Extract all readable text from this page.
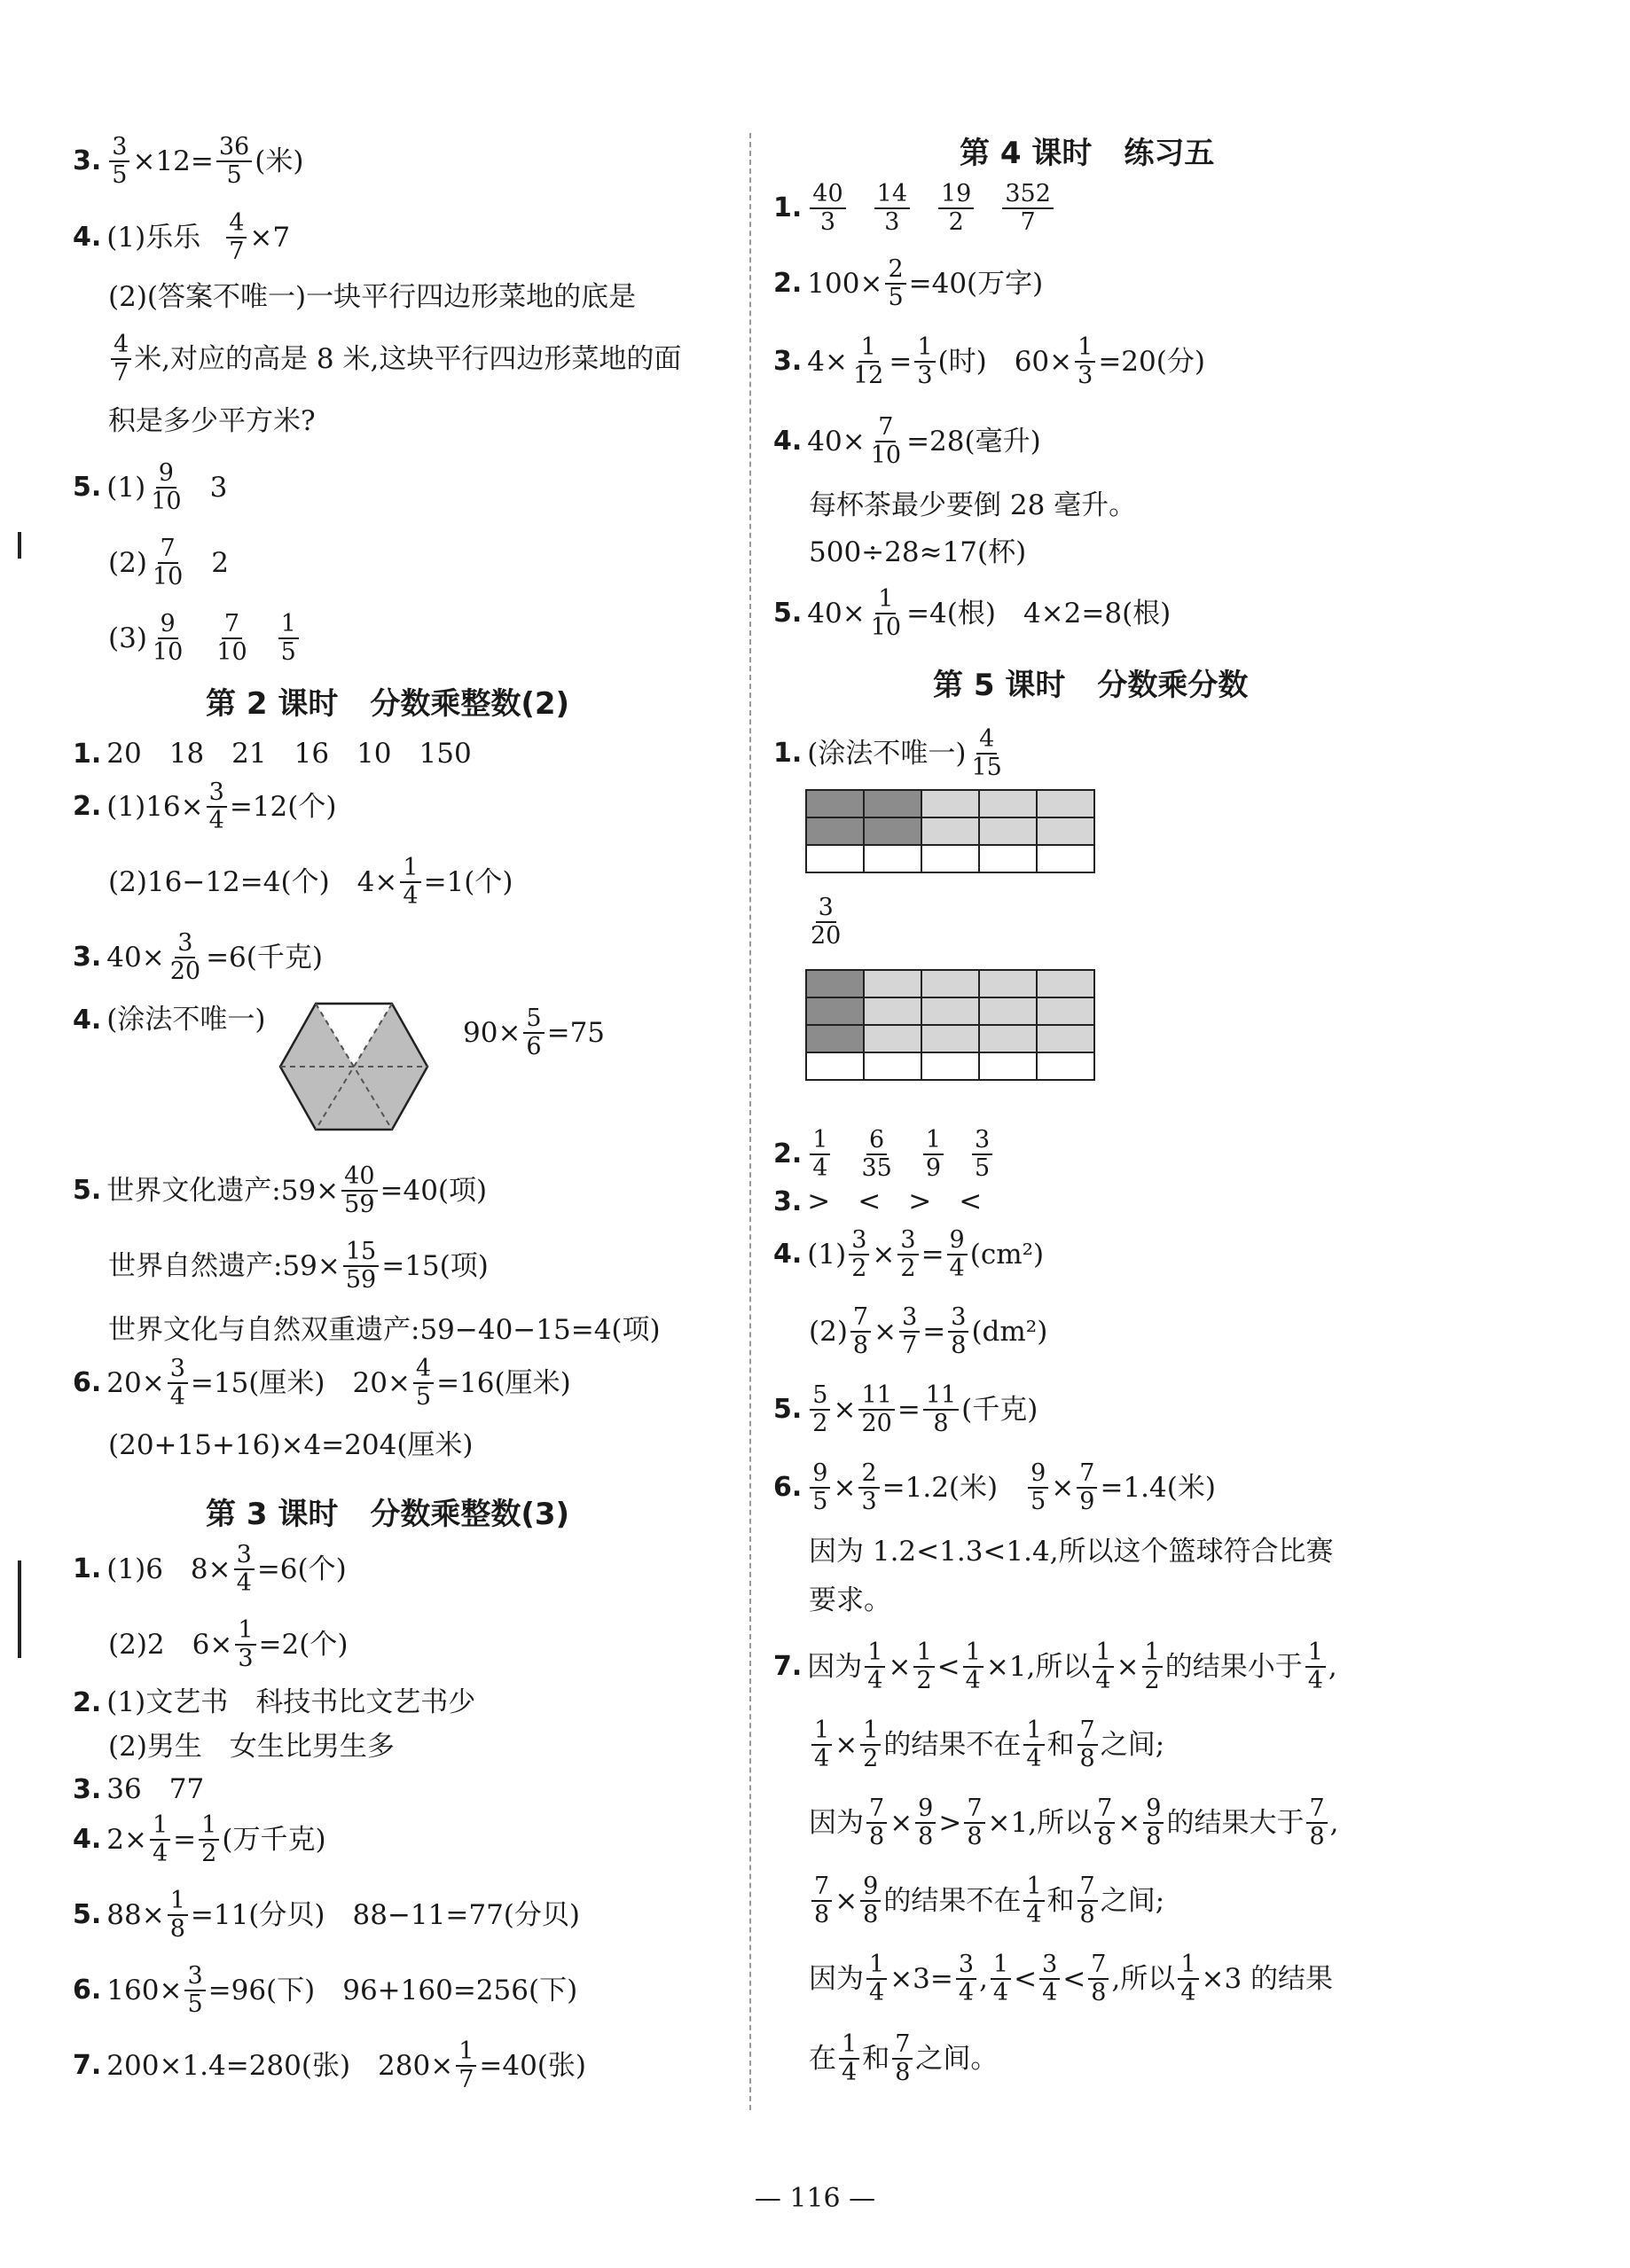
3. $\frac{3}{5} \times 12= \frac{36}{5}$ (米)
4. (1)乐乐 $\frac{4}{7} \times 7$
(2)(答案不唯一)一块平行四边形菜地的底是
$\frac{4}{7}$ 米,对应的高是 8 米,这块平行四边形菜地的面
积是多少平方米?
5. $(1) \frac{9}{10} 3$
$(2) \frac{7}{10} 2$
$(3) \frac{9}{10} \frac{7}{10} \frac{1}{5}$
第 2 课时 分数乘整数(2)
1. 20　18　21　16　10　150
2. $(1)16\times \frac{3}{4} =12$(个)
(2)16−12=4(个)　$4\times \frac{1}{4} =1$(个)
3. $40\times \frac{3}{20} =6$(千克)
4. (涂法不唯一)	$90\times \frac{5}{6} =75$
5. 世界文化遗产:59× $\frac{40}{59} =40$(项)
世界自然遗产:59× $\frac{15}{59} =15$(项)
世界文化与自然双重遗产:59−40−15=4(项)
6. $20\times \frac{3}{4} =15$(厘米)　$20\times \frac{4}{5} =16$(厘米)
(20+15+16)×4=204(厘米)
第 3 课时 分数乘整数(3)
1. (1)6　$8\times \frac{3}{4} =6$(个)
(2)2　$6\times \frac{1}{3} =2$(个)
2. (1)文艺书　科技书比文艺书少
(2)男生　女生比男生多
3. 36　77
4. $2\times \frac{1}{4} = \frac{1}{2}$ (万千克)
5. $88\times \frac{1}{8} =11$(分贝)　88−11=77(分贝)
6. $160\times \frac{3}{5} =96$(下)　96+160=256(下)
7. 200×1.4=280(张)　$280\times \frac{1}{7} =40$(张)
第 4 课时 练习五
1. $\frac{40}{3} \frac{14}{3} \frac{19}{2} \frac{352}{7}$
2. $100\times \frac{2}{5} =40$(万字)
3. $4\times \frac{1}{12} = \frac{1}{3}$ (时)　$60\times \frac{1}{3} =20$(分)
4. $40\times \frac{7}{10} =28$(毫升)
每杯茶最少要倒 28 毫升。
500÷28≈17(杯)
5. $40\times \frac{1}{10} =4$(根)　4×2=8(根)
第 5 课时 分数乘分数
1. (涂法不唯一) $\frac{4}{15}$

$\frac{3}{20}$

2. $\frac{1}{4} \frac{6}{35} \frac{1}{9} \frac{3}{5}$
3. >　<　>　<
4. $(1) \frac{3}{2} \times \frac{3}{2} = \frac{9}{4} (cm^2)$
$(2) \frac{7}{8} \times \frac{3}{7} = \frac{3}{8} (dm^2)$
5. $\frac{5}{2} \times \frac{11}{20} = \frac{11}{8}$ (千克)
6. $\frac{9}{5} \times \frac{2}{3} =1.2$(米)　 $\frac{9}{5} \times \frac{7}{9} =1.4$(米)
因为 1.2<1.3<1.4,所以这个篮球符合比赛
要求。
7. 因为 $\frac{1}{4} \times \frac{1}{2} < \frac{1}{4} \times 1$,所以 $\frac{1}{4} \times \frac{1}{2}$ 的结果小于 $\frac{1}{4}$ ,
$\frac{1}{4} \times \frac{1}{2}$ 的结果不在 $\frac{1}{4}$ 和 $\frac{7}{8}$ 之间;
因为 $\frac{7}{8} \times \frac{9}{8} > \frac{7}{8} \times 1$,所以 $\frac{7}{8} \times \frac{9}{8}$ 的结果大于 $\frac{7}{8}$ ,
$\frac{7}{8} \times \frac{9}{8}$ 的结果不在 $\frac{1}{4}$ 和 $\frac{7}{8}$ 之间;
因为 $\frac{1}{4} \times 3= \frac{3}{4}$ , $\frac{1}{4} < \frac{3}{4} < \frac{7}{8}$ ,所以 $\frac{1}{4} \times 3$ 的结果
在 $\frac{1}{4}$ 和 $\frac{7}{8}$ 之间。
— 116 —
